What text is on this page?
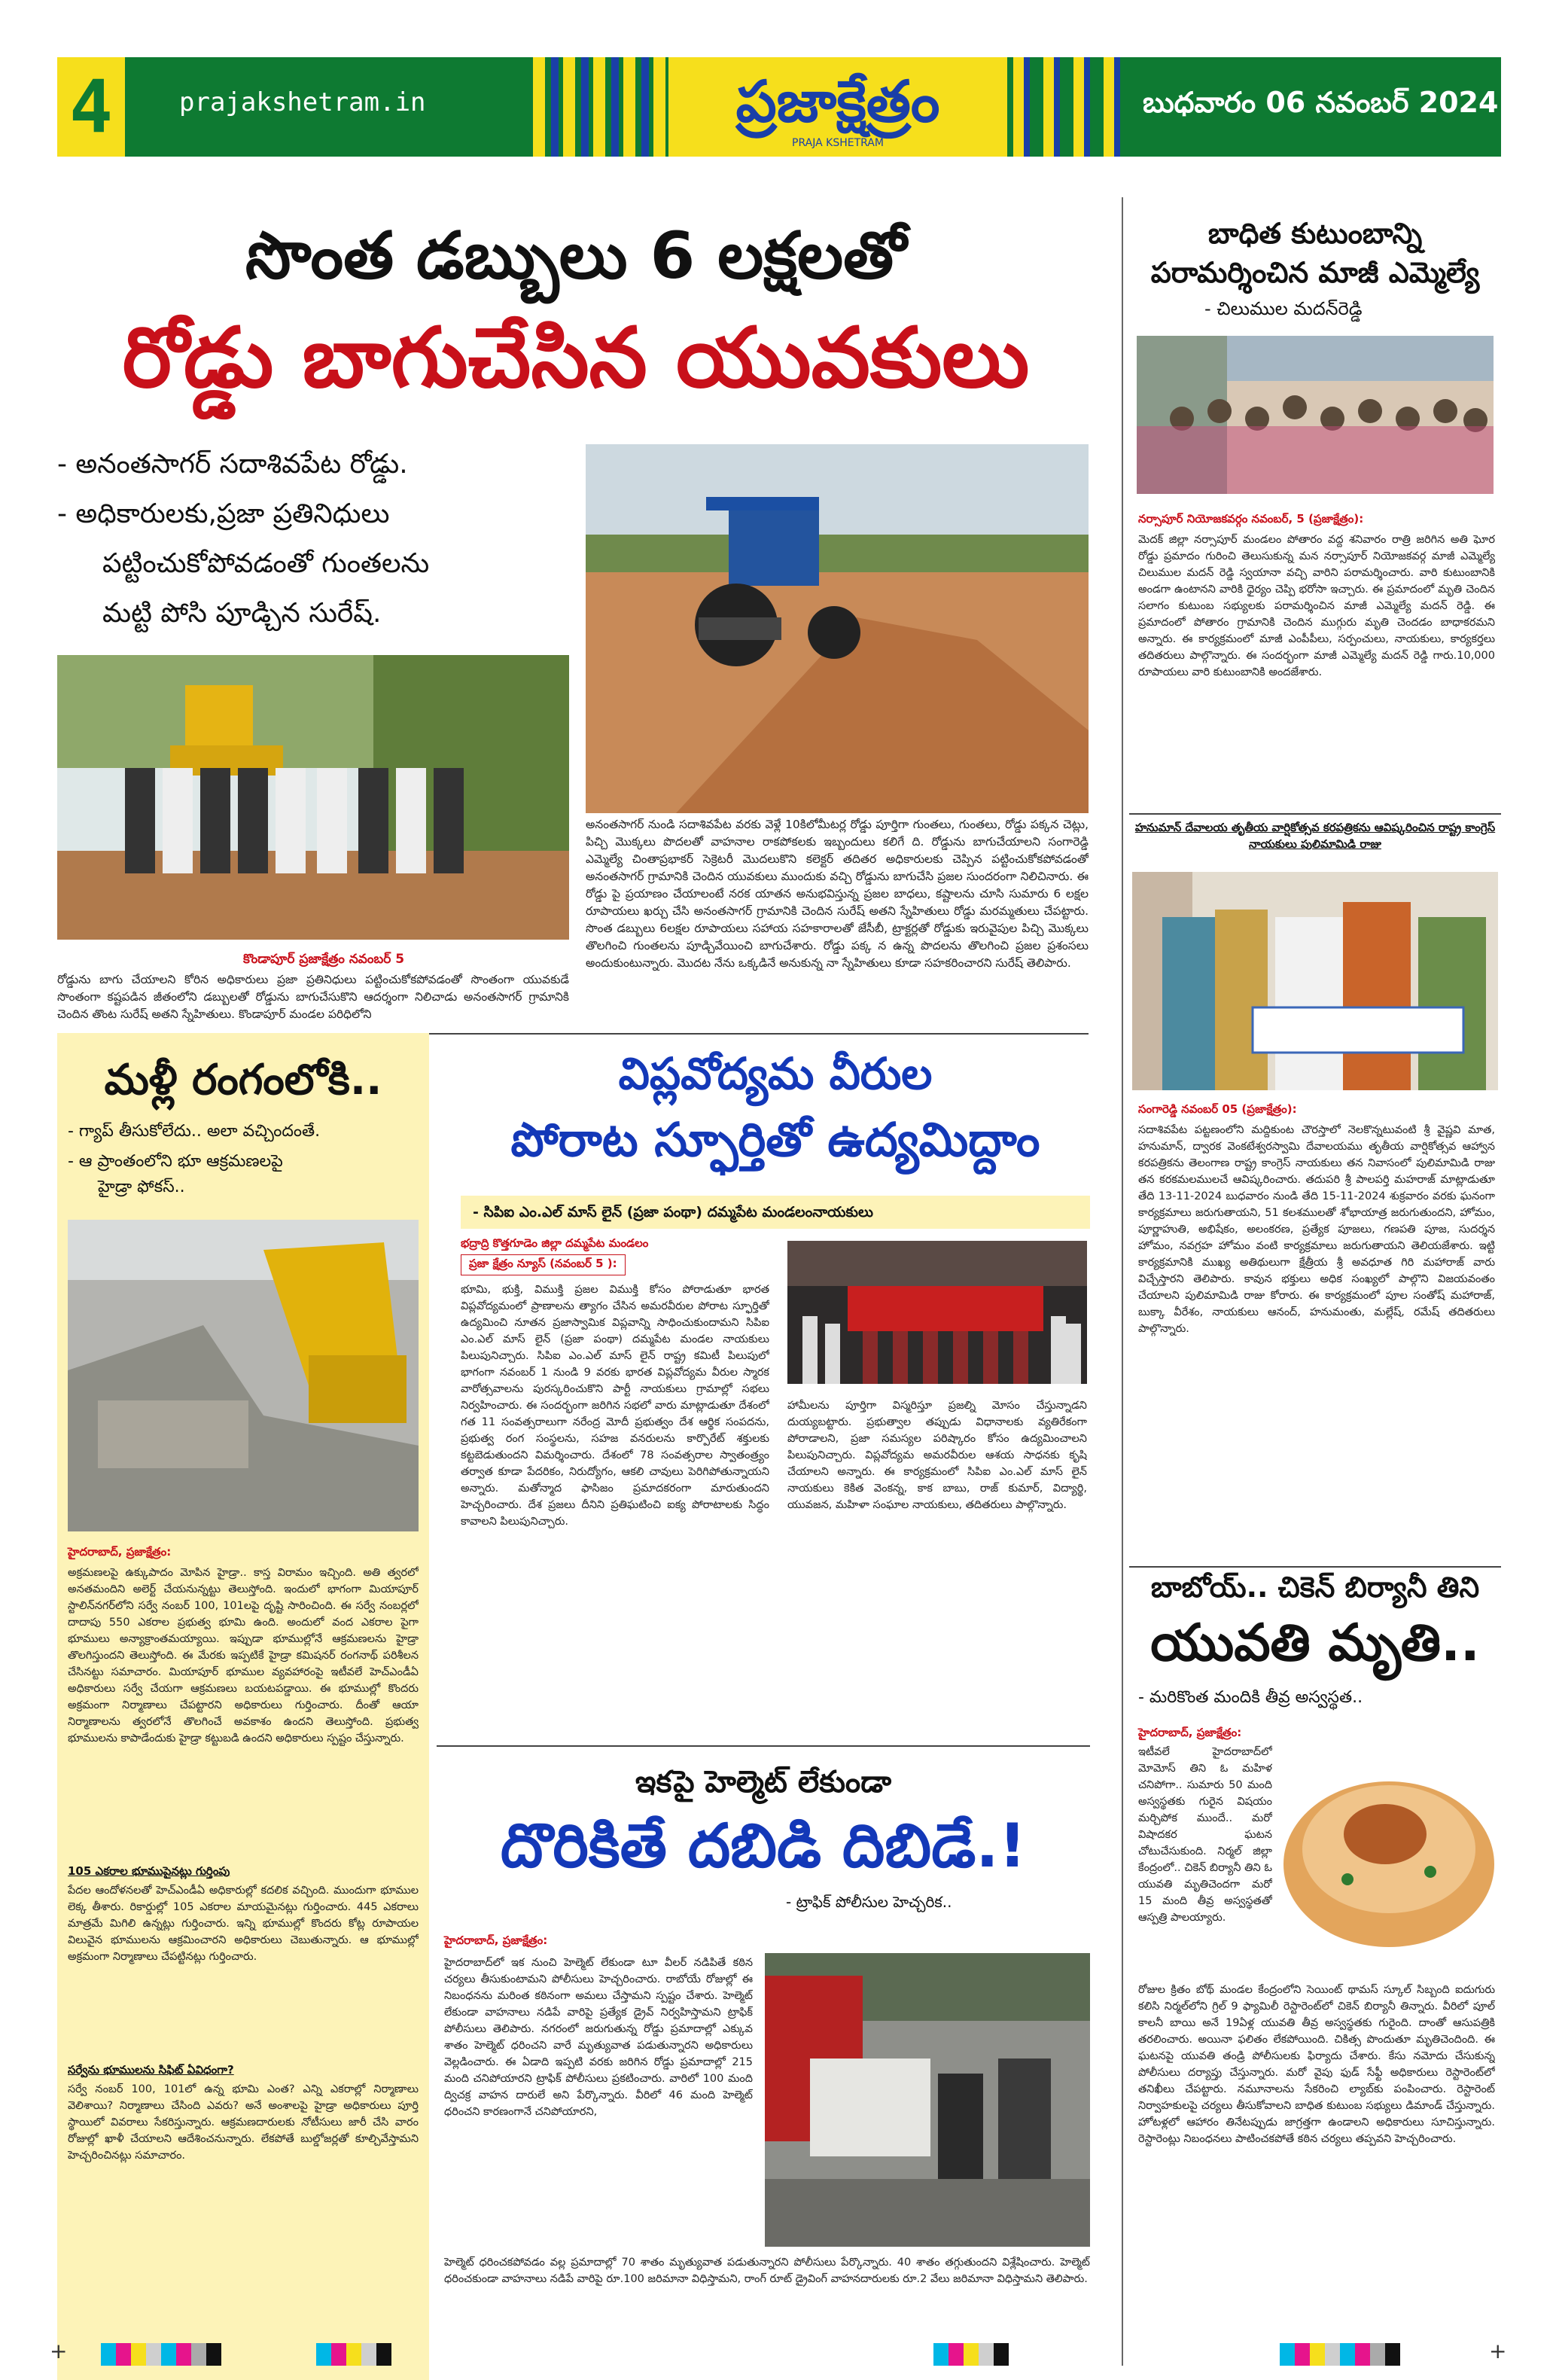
4	prajakshetram.in	ప్రజాక్షేత్రం
PRAJA KSHETRAM
బుధవారం 06 నవంబర్ 2024
సొంత డబ్బులు 6 లక్షలతో
రోడ్డు బాగుచేసిన యువకులు
- అనంతసాగర్ సదాశివపేట రోడ్డు.
- అధికారులకు,ప్రజా ప్రతినిధులు
పట్టించుకోపోవడంతో గుంతలను
మట్టి పోసి పూడ్చిన సురేష్.
కొండాపూర్ ప్రజాక్షేత్రం నవంబర్ 5
రోడ్డును బాగు చేయాలని కోరిన అధికారులు ప్రజా ప్రతినిధులు పట్టించుకోకపోవడంతో సొంతంగా యువకుడే సొంతంగా కష్టపడిన జీతంలోని డబ్బులతో రోడ్డును బాగుచేసుకొని ఆదర్శంగా నిలిచాడు అనంతసాగర్ గ్రామానికి చెందిన తొంట సురేష్ అతని స్నేహితులు. కొండాపూర్ మండల పరిధిలోని
అనంతసాగర్ నుండి సదాశివపేట వరకు వెళ్లే 10కిలోమీటర్ల రోడ్డు పూర్తిగా గుంతలు, గుంతలు, రోడ్డు పక్కన చెట్లు, పిచ్చి మొక్కలు పొదలతో వాహనాల రాకపోకలకు ఇబ్బందులు కలిగే ది. రోడ్డును బాగుచేయాలని సంగారెడ్డి ఎమ్మెల్యే చింతాప్రభాకర్ సెక్రెటరీ మొదలుకొని కలెక్టర్ తదితర అధికారులకు చెప్పిన పట్టించుకోకపోవడంతో అనంతసాగర్ గ్రామానికి చెందిన యువకులు ముందుకు వచ్చి రోడ్డును బాగుచేసి ప్రజల సుందరంగా నిలిచినారు. ఈ రోడ్డు పై ప్రయాణం చేయాలంటే నరక యాతన అనుభవిస్తున్న ప్రజల బాధలు, కష్టాలను చూసి సుమారు 6 లక్షల రూపాయలు ఖర్చు చేసి అనంతసాగర్ గ్రామానికి చెందిన సురేష్ అతని స్నేహితులు రోడ్డు మరమ్మతులు చేపట్టారు. సొంత డబ్బులు 6లక్షల రూపాయలు సహాయ సహకారాలతో జేసీబీ, ట్రాక్టర్లతో రోడ్డుకు ఇరువైపుల పిచ్చి మొక్కలు తొలగించి గుంతలను పూడ్చివేయించి బాగుచేశారు. రోడ్డు పక్క న ఉన్న పొదలను తొలగించి ప్రజల ప్రశంసలు అందుకుంటున్నారు. మొదట నేను ఒక్కడినే అనుకున్న నా స్నేహితులు కూడా సహకరించారని సురేష్ తెలిపారు.
బాధిత కుటుంబాన్ని
పరామర్శించిన మాజీ ఎమ్మెల్యే
- చిలుముల మదన్‌రెడ్డి
నర్సాపూర్ నియోజకవర్గం నవంబర్, 5 (ప్రజాక్షేత్రం):
మెదక్ జిల్లా నర్సాపూర్ మండలం పోతారం వద్ద శనివారం రాత్రి జరిగిన అతి ఘోర రోడ్డు ప్రమాదం గురించి తెలుసుకున్న మన నర్సాపూర్ నియోజకవర్గ మాజీ ఎమ్మెల్యే చిలుముల మదన్ రెడ్డి స్వయానా వచ్చి వారిని పరామర్శించారు. వారి కుటుంబానికి అండగా ఉంటానని వారికి ధైర్యం చెప్పి భరోసా ఇచ్చారు. ఈ ప్రమాదంలో మృతి చెందిన సలాగం కుటుంబ సభ్యులకు పరామర్శించిన మాజీ ఎమ్మెల్యే మదన్ రెడ్డి. ఈ ప్రమాదంలో పోతారం గ్రామానికి చెందిన ముగ్గురు మృతి చెందడం బాధాకరమని అన్నారు. ఈ కార్యక్రమంలో మాజీ ఎంపీపీలు, సర్పంచులు, నాయకులు, కార్యకర్తలు తదితరులు పాల్గొన్నారు. ఈ సందర్భంగా మాజీ ఎమ్మెల్యే మదన్ రెడ్డి గారు.10,000 రూపాయలు వారి కుటుంబానికి అందజేశారు.
హనుమాన్ దేవాలయ తృతీయ వార్షికోత్సవ కరపత్రికను ఆవిష్కరించిన రాష్ట్ర కాంగ్రెస్ నాయకులు పులిమామిడి రాజు
సంగారెడ్డి నవంబర్ 05 (ప్రజాక్షేత్రం):
సదాశివపేట పట్టణంలోని మద్దికుంట చౌరస్తాలో నెలకొన్నటువంటి శ్రీ వైష్ణవి మాత, హనుమాన్, ద్వారక వెంకటేశ్వరస్వామి దేవాలయము తృతీయ వార్షికోత్సవ ఆహ్వాన కరపత్రికను తెలంగాణ రాష్ట్ర కాంగ్రెస్ నాయకులు తన నివాసంలో పులిమామిడి రాజు తన కరకమలములచే ఆవిష్కరించారు. తదుపరి శ్రీ పాలపర్తి మహరాజ్ మాట్లాడుతూ తేది 13-11-2024 బుధవారం నుండి తేది 15-11-2024 శుక్రవారం వరకు ఘనంగా కార్యక్రమాలు జరుగుతాయని, 51 కలశములతో శోభాయాత్ర జరుగుతుందని, హోమం, పూర్ణాహుతి, అభిషేకం, అలంకరణ, ప్రత్యేక పూజలు, గణపతి పూజ, సుదర్శన హోమం, నవగ్రహ హోమం వంటి కార్యక్రమాలు జరుగుతాయని తెలియజేశారు. ఇట్టి కార్యక్రమానికి ముఖ్య అతిథులుగా క్షేత్రీయ శ్రీ అవధూత గిరి మహారాజ్ వారు విచ్చేస్తారని తెలిపారు. కావున భక్తులు అధిక సంఖ్యలో పాల్గొని విజయవంతం చేయాలని పులిమామిడి రాజు కోరారు. ఈ కార్యక్రమంలో పూల సంతోష్ మహారాజ్, బుక్కా వీరేశం, నాయకులు ఆనంద్, హనుమంతు, మల్లేష్, రమేష్ తదితరులు పాల్గొన్నారు.
బాబోయ్.. చికెన్ బిర్యానీ తిని
యువతి మృతి..
- మరికొంత మందికి తీవ్ర అస్వస్థత..
హైదరాబాద్, ప్రజాక్షేత్రం:
ఇటీవలే హైదరాబాద్‌లో మోమోస్ తిని ఓ మహిళ చనిపోగా.. సుమారు 50 మంది అస్వస్థతకు గురైన విషయం మర్చిపోక ముందే.. మరో విషాదకర ఘటన చోటుచేసుకుంది. నిర్మల్ జిల్లా కేంద్రంలో.. చికెన్ బిర్యానీ తిని ఓ యువతి మృతిచెందగా మరో 15 మంది తీవ్ర అస్వస్థతతో ఆస్పత్రి పాలయ్యారు.
రోజుల క్రితం బోథ్ మండల కేంద్రంలోని సెయింట్ థామస్ స్కూల్ సిబ్బంది ఐదుగురు కలిసి నిర్మల్‌లోని గ్రిల్ 9 ఫ్యామిలీ రెస్టారెంట్‌లో చికెన్ బిర్యానీ తిన్నారు. వీరిలో పూల్ కాలనీ బాయి అనే 19ఏళ్ల యువతి తీవ్ర అస్వస్థతకు గురైంది. దాంతో ఆసుపత్రికి తరలించారు. అయినా ఫలితం లేకపోయింది. చికిత్స పొందుతూ మృతిచెందింది. ఈ ఘటనపై యువతి తండ్రి పోలీసులకు ఫిర్యాదు చేశారు. కేసు నమోదు చేసుకున్న పోలీసులు దర్యాప్తు చేస్తున్నారు. మరో వైపు ఫుడ్ సేఫ్టీ అధికారులు రెస్టారెంట్‌లో తనిఖీలు చేపట్టారు. నమూనాలను సేకరించి ల్యాబ్‌కు పంపించారు. రెస్టారెంట్ నిర్వాహకులపై చర్యలు తీసుకోవాలని బాధిత కుటుంబ సభ్యులు డిమాండ్ చేస్తున్నారు. హోటళ్లలో ఆహారం తినేటప్పుడు జాగ్రత్తగా ఉండాలని అధికారులు సూచిస్తున్నారు. రెస్టారెంట్లు నిబంధనలు పాటించకపోతే కఠిన చర్యలు తప్పవని హెచ్చరించారు.
మళ్లీ రంగంలోకి..
- గ్యాప్ తీసుకోలేదు.. అలా వచ్చిందంతే.
- ఆ ప్రాంతంలోని భూ ఆక్రమణలపై
హైడ్రా ఫోకస్..
హైదరాబాద్, ప్రజాక్షేత్రం:
అక్రమణలపై ఉక్కుపాదం మోపిన హైడ్రా.. కాస్త విరామం ఇచ్చింది. అతి త్వరలో అనతమందిని అలెర్ట్ చేయనున్నట్టు తెలుస్తోంది. ఇందులో భాగంగా మియాపూర్ స్టాలిన్‌నగర్‌లోని సర్వే నంబర్ 100, 101లపై దృష్టి సారించింది. ఈ సర్వే నంబర్లలో దాదాపు 550 ఎకరాల ప్రభుత్వ భూమి ఉంది. అందులో వంద ఎకరాల పైగా భూములు అన్యాక్రాంతమయ్యాయి. ఇప్పుడా భూముల్లోనే ఆక్రమణలను హైడ్రా తొలగిస్తుందని తెలుస్తోంది. ఈ మేరకు ఇప్పటికే హైడ్రా కమిషనర్ రంగనాథ్ పరిశీలన చేసినట్టు సమాచారం. మియాపూర్ భూముల వ్యవహారంపై ఇటీవలే హెచ్‌ఎండీఏ అధికారులు సర్వే చేయగా ఆక్రమణలు బయటపడ్డాయి. ఈ భూముల్లో కొందరు అక్రమంగా నిర్మాణాలు చేపట్టారని అధికారులు గుర్తించారు. దీంతో ఆయా నిర్మాణాలను త్వరలోనే తొలగించే అవకాశం ఉందని తెలుస్తోంది. ప్రభుత్వ భూములను కాపాడేందుకు హైడ్రా కట్టుబడి ఉందని అధికారులు స్పష్టం చేస్తున్నారు.
105 ఎకరాల భూముపైనట్లు గుర్తింపు
పేదల ఆందోళనలతో హెచ్ఎండీఏ అధికారుల్లో కదలిక వచ్చింది. ముందుగా భూముల లెక్క తీశారు. రికార్డుల్లో 105 ఎకరాల మాయమైనట్లు గుర్తించారు. 445 ఎకరాలు మాత్రమే మిగిలి ఉన్నట్లు గుర్తించారు. ఇన్ని భూముల్లో కొందరు కోట్ల రూపాయల విలువైన భూములను ఆక్రమించారని అధికారులు చెబుతున్నారు. ఆ భూముల్లో అక్రమంగా నిర్మాణాలు చేపట్టినట్లు గుర్తించారు.
సర్వేను భూములను సిఫిట్ ఏవిధంగా?
సర్వే నంబర్ 100, 101లో ఉన్న భూమి ఎంత? ఎన్ని ఎకరాల్లో నిర్మాణాలు వెలిశాయి? నిర్మాణాలు చేసింది ఎవరు? అనే అంశాలపై హైడ్రా అధికారులు పూర్తి స్థాయిలో వివరాలు సేకరిస్తున్నారు. ఆక్రమణదారులకు నోటీసులు జారీ చేసి వారం రోజుల్లో ఖాళీ చేయాలని ఆదేశించనున్నారు. లేకపోతే బుల్డోజర్లతో కూల్చివేస్తామని హెచ్చరించినట్లు సమాచారం.
విప్లవోద్యమ వీరుల
పోరాట స్ఫూర్తితో ఉద్యమిద్దాం
- సిపిఐ ఎం.ఎల్ మాస్ లైన్ (ప్రజా పంథా) దమ్మపేట మండలంనాయకులు
భద్రాద్రి కొత్తగూడెం జిల్లా దమ్మపేట మండలం
ప్రజా క్షేత్రం న్యూస్ (నవంబర్ 5 ):
భూమి, భుక్తి, విముక్తి ప్రజల విముక్తి కోసం పోరాడుతూ భారత విప్లవోద్యమంలో ప్రాణాలను త్యాగం చేసిన అమరవీరుల పోరాట స్ఫూర్తితో ఉద్యమించి నూతన ప్రజాస్వామిక విప్లవాన్ని సాధించుకుందామని సిపిఐ ఎం.ఎల్ మాస్ లైన్ (ప్రజా పంథా) దమ్మపేట మండల నాయకులు పిలుపునిచ్చారు. సిపిఐ ఎం.ఎల్ మాస్ లైన్ రాష్ట్ర కమిటీ పిలుపులో భాగంగా నవంబర్ 1 నుండి 9 వరకు భారత విప్లవోద్యమ వీరుల స్మారక వారోత్సవాలను పురస్కరించుకొని పార్టీ నాయకులు గ్రామాల్లో సభలు నిర్వహించారు. ఈ సందర్భంగా జరిగిన సభలో వారు మాట్లాడుతూ దేశంలో గత 11 సంవత్సరాలుగా నరేంద్ర మోదీ ప్రభుత్వం దేశ ఆర్థిక సంపదను, ప్రభుత్వ రంగ సంస్థలను, సహజ వనరులను కార్పొరేట్ శక్తులకు కట్టబెడుతుందని విమర్శించారు. దేశంలో 78 సంవత్సరాల స్వాతంత్ర్యం తర్వాత కూడా పేదరికం, నిరుద్యోగం, ఆకలి చావులు పెరిగిపోతున్నాయని అన్నారు. మతోన్మాద ఫాసిజం ప్రమాదకరంగా మారుతుందని హెచ్చరించారు. దేశ ప్రజలు దీనిని ప్రతిఘటించి ఐక్య పోరాటాలకు సిద్ధం కావాలని పిలుపునిచ్చారు.
హామీలను పూర్తిగా విస్మరిస్తూ ప్రజల్ని మోసం చేస్తున్నాడని దుయ్యబట్టారు. ప్రభుత్వాల తప్పుడు విధానాలకు వ్యతిరేకంగా పోరాడాలని, ప్రజా సమస్యల పరిష్కారం కోసం ఉద్యమించాలని పిలుపునిచ్చారు. విప్లవోద్యమ అమరవీరుల ఆశయ సాధనకు కృషి చేయాలని అన్నారు. ఈ కార్యక్రమంలో సిపిఐ ఎం.ఎల్ మాస్ లైన్ నాయకులు కెకిత వెంకన్న, కాక బాబు, రాజ్ కుమార్, విద్యార్థి, యువజన, మహిళా సంఘాల నాయకులు, తదితరులు పాల్గొన్నారు.
ఇకపై హెల్మెట్ లేకుండా
దొరికితే దబిడి దిబిడే.!
- ట్రాఫిక్ పోలీసుల హెచ్చరిక..
హైదరాబాద్, ప్రజాక్షేత్రం:
హైదరాబాద్‌లో ఇక నుంచి హెల్మెట్ లేకుండా టూ వీలర్ నడిపితే కఠిన చర్యలు తీసుకుంటామని పోలీసులు హెచ్చరించారు. రాబోయే రోజుల్లో ఈ నిబంధనను మరింత కఠినంగా అమలు చేస్తామని స్పష్టం చేశారు. హెల్మెట్ లేకుండా వాహనాలు నడిపే వారిపై ప్రత్యేక డ్రైవ్ నిర్వహిస్తామని ట్రాఫిక్ పోలీసులు తెలిపారు. నగరంలో జరుగుతున్న రోడ్డు ప్రమాదాల్లో ఎక్కువ శాతం హెల్మెట్ ధరించని వారే మృత్యువాత పడుతున్నారని అధికారులు వెల్లడించారు. ఈ ఏడాది ఇప్పటి వరకు జరిగిన రోడ్డు ప్రమాదాల్లో 215 మంది చనిపోయారని ట్రాఫిక్ పోలీసులు ప్రకటించారు. వారిలో 100 మంది ద్విచక్ర వాహన దారులే అని పేర్కొన్నారు. వీరిలో 46 మంది హెల్మెట్ ధరించని కారణంగానే చనిపోయారని,
హెల్మెట్ ధరించకపోవడం వల్ల ప్రమాదాల్లో 70 శాతం మృత్యువాత పడుతున్నారని పోలీసులు పేర్కొన్నారు. 40 శాతం తగ్గుతుందని విశ్లేషించారు. హెల్మెట్ ధరించకుండా వాహనాలు నడిపే వారిపై రూ.100 జరిమానా విధిస్తామని, రాంగ్ రూట్ డ్రైవింగ్ వాహనదారులకు రూ.2 వేలు జరిమానా విధిస్తామని తెలిపారు.
+	+
